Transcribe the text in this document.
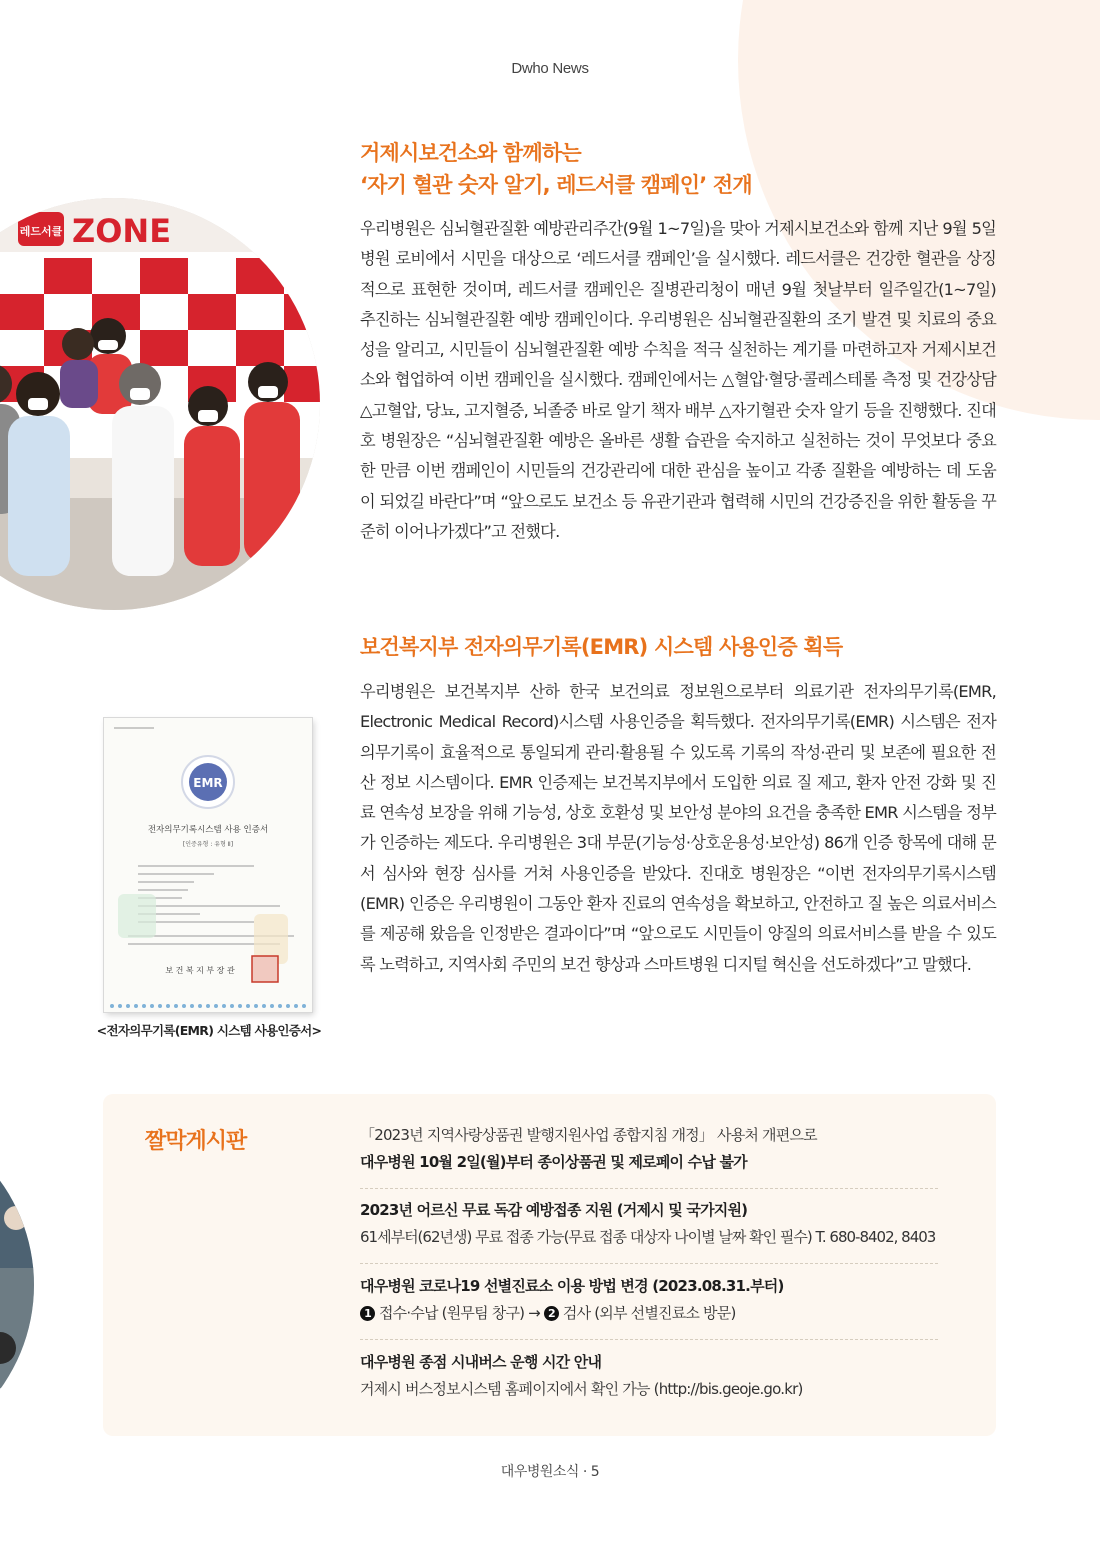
Dwho News
레드서클 ZONE

거제시보건소와 함께하는

‘자기 혈관 숫자 알기, 레드서클 캠페인’ 전개

우리병원은 심뇌혈관질환 예방관리주간(9월 1~7일)을 맞아 거제시보건소와 함께 지난 9월 5일 병원 로비에서 시민을 대상으로 ‘레드서클 캠페인’을 실시했다. 레드서클은 건강한 혈관을 상징적으로 표현한 것이며, 레드서클 캠페인은 질병관리청이 매년 9월 첫날부터 일주일간(1~7일) 추진하는 심뇌혈관질환 예방 캠페인이다. 우리병원은 심뇌혈관질환의 조기 발견 및 치료의 중요성을 알리고, 시민들이 심뇌혈관질환 예방 수칙을 적극 실천하는 계기를 마련하고자 거제시보건소와 협업하여 이번 캠페인을 실시했다. 캠페인에서는 △혈압·혈당·콜레스테롤 측정 및 건강상담 △고혈압, 당뇨, 고지혈증, 뇌졸중 바로 알기 책자 배부 △자기혈관 숫자 알기 등을 진행했다. 진대호 병원장은 “심뇌혈관질환 예방은 올바른 생활 습관을 숙지하고 실천하는 것이 무엇보다 중요한 만큼 이번 캠페인이 시민들의 건강관리에 대한 관심을 높이고 각종 질환을 예방하는 데 도움이 되었길 바란다”며 “앞으로도 보건소 등 유관기관과 협력해 시민의 건강증진을 위한 활동을 꾸준히 이어나가겠다”고 전했다.

EMR
전자의무기록시스템 사용 인증서
[인증유형 : 유형 Ⅱ]
보 건 복 지 부 장 관
<전자의무기록(EMR) 시스템 사용인증서>

보건복지부 전자의무기록(EMR) 시스템 사용인증 획득

우리병원은 보건복지부 산하 한국 보건의료 정보원으로부터 의료기관 전자의무기록(EMR, Electronic Medical Record)시스템 사용인증을 획득했다. 전자의무기록(EMR) 시스템은 전자의무기록이 효율적으로 통일되게 관리·활용될 수 있도록 기록의 작성·관리 및 보존에 필요한 전산 정보 시스템이다. EMR 인증제는 보건복지부에서 도입한 의료 질 제고, 환자 안전 강화 및 진료 연속성 보장을 위해 기능성, 상호 호환성 및 보안성 분야의 요건을 충족한 EMR 시스템을 정부가 인증하는 제도다. 우리병원은 3대 부문(기능성·상호운용성·보안성) 86개 인증 항목에 대해 문서 심사와 현장 심사를 거쳐 사용인증을 받았다. 진대호 병원장은 “이번 전자의무기록시스템(EMR) 인증은 우리병원이 그동안 환자 진료의 연속성을 확보하고, 안전하고 질 높은 의료서비스를 제공해 왔음을 인정받은 결과이다”며 “앞으로도 시민들이 양질의 의료서비스를 받을 수 있도록 노력하고, 지역사회 주민의 보건 향상과 스마트병원 디지털 혁신을 선도하겠다”고 말했다.

짤막게시판	「2023년 지역사랑상품권 발행지원사업 종합지침 개정」 사용처 개편으로
대우병원 10월 2일(월)부터 종이상품권 및 제로페이 수납 불가
2023년 어르신 무료 독감 예방접종 지원 (거제시 및 국가지원)
61세부터(62년생) 무료 접종 가능(무료 접종 대상자 나이별 날짜 확인 필수) T. 680-8402, 8403
대우병원 코로나19 선별진료소 이용 방법 변경 (2023.08.31.부터)
1 접수·수납 (원무팀 창구) → 2 검사 (외부 선별진료소 방문)
대우병원 종점 시내버스 운행 시간 안내
거제시 버스정보시스템 홈페이지에서 확인 가능 (http://bis.geoje.go.kr)
대우병원소식 · 5
